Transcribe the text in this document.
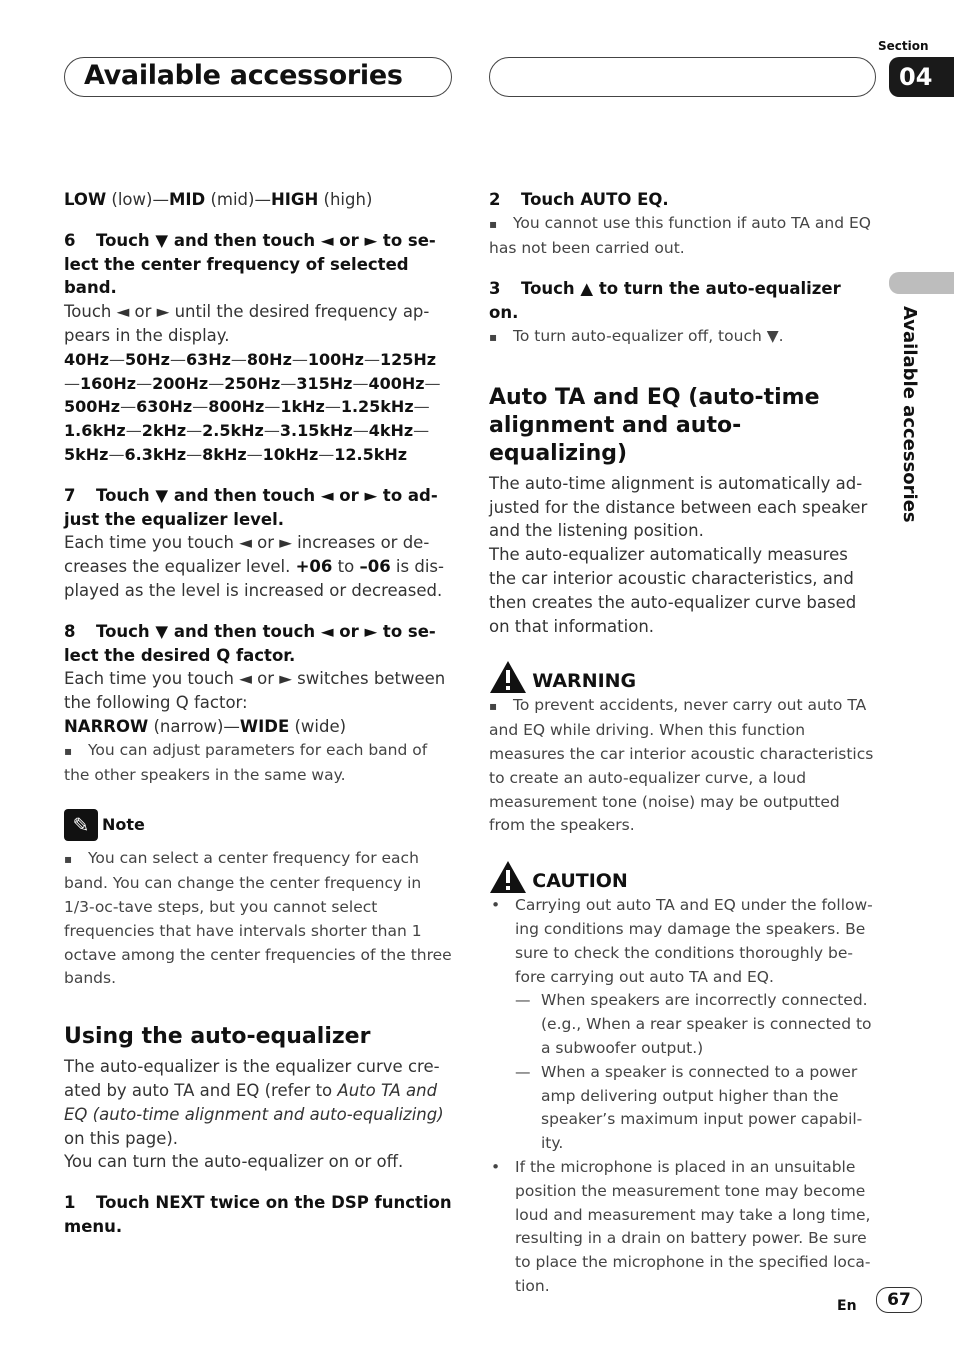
Available accessories
Section
04
Available accessories

LOW (low)—MID (mid)—HIGH (high)

6 Touch ▼ and then touch ◄ or ► to se-lect the center frequency of selected band.

Touch ◄ or ► until the desired frequency ap-pears in the display.

40Hz—50Hz—63Hz—80Hz—100Hz—125Hz
—160Hz—200Hz—250Hz—315Hz—400Hz—
500Hz—630Hz—800Hz—1kHz—1.25kHz—
1.6kHz—2kHz—2.5kHz—3.15kHz—4kHz—
5kHz—6.3kHz—8kHz—10kHz—12.5kHz

7 Touch ▼ and then touch ◄ or ► to ad-just the equalizer level.

Each time you touch ◄ or ► increases or de-creases the equalizer level. +06 to –06 is dis-played as the level is increased or decreased.

8 Touch ▼ and then touch ◄ or ► to se-lect the desired Q factor.

Each time you touch ◄ or ► switches between the following Q factor:

NARROW (narrow)—WIDE (wide)

▪ You can adjust parameters for each band of the other speakers in the same way.

✎ Note

▪ You can select a center frequency for each band. You can change the center frequency in 1/3-oc-tave steps, but you cannot select frequencies that have intervals shorter than 1 octave among the center frequencies of the three bands.

Using the auto-equalizer

The auto-equalizer is the equalizer curve cre-ated by auto TA and EQ (refer to Auto TA and EQ (auto-time alignment and auto-equalizing) on this page).

You can turn the auto-equalizer on or off.

1 Touch NEXT twice on the DSP function menu.

2 Touch AUTO EQ.

▪ You cannot use this function if auto TA and EQ has not been carried out.

3 Touch ▲ to turn the auto-equalizer on.

▪ To turn auto-equalizer off, touch ▼.

Auto TA and EQ (auto-time alignment and auto-equalizing)

The auto-time alignment is automatically ad-justed for the distance between each speaker and the listening position.

The auto-equalizer automatically measures the car interior acoustic characteristics, and then creates the auto-equalizer curve based on that information.

WARNING

▪ To prevent accidents, never carry out auto TA and EQ while driving. When this function measures the car interior acoustic characteristics to create an auto-equalizer curve, a loud measurement tone (noise) may be outputted from the speakers.

CAUTION

• Carrying out auto TA and EQ under the follow-ing conditions may damage the speakers. Be sure to check the conditions thoroughly be-fore carrying out auto TA and EQ.

— When speakers are incorrectly connected. (e.g., When a rear speaker is connected to a subwoofer output.)

— When a speaker is connected to a power amp delivering output higher than the speaker’s maximum input power capabil-ity.

• If the microphone is placed in an unsuitable position the measurement tone may become loud and measurement may take a long time, resulting in a drain on battery power. Be sure to place the microphone in the specified loca-tion.

En	67
